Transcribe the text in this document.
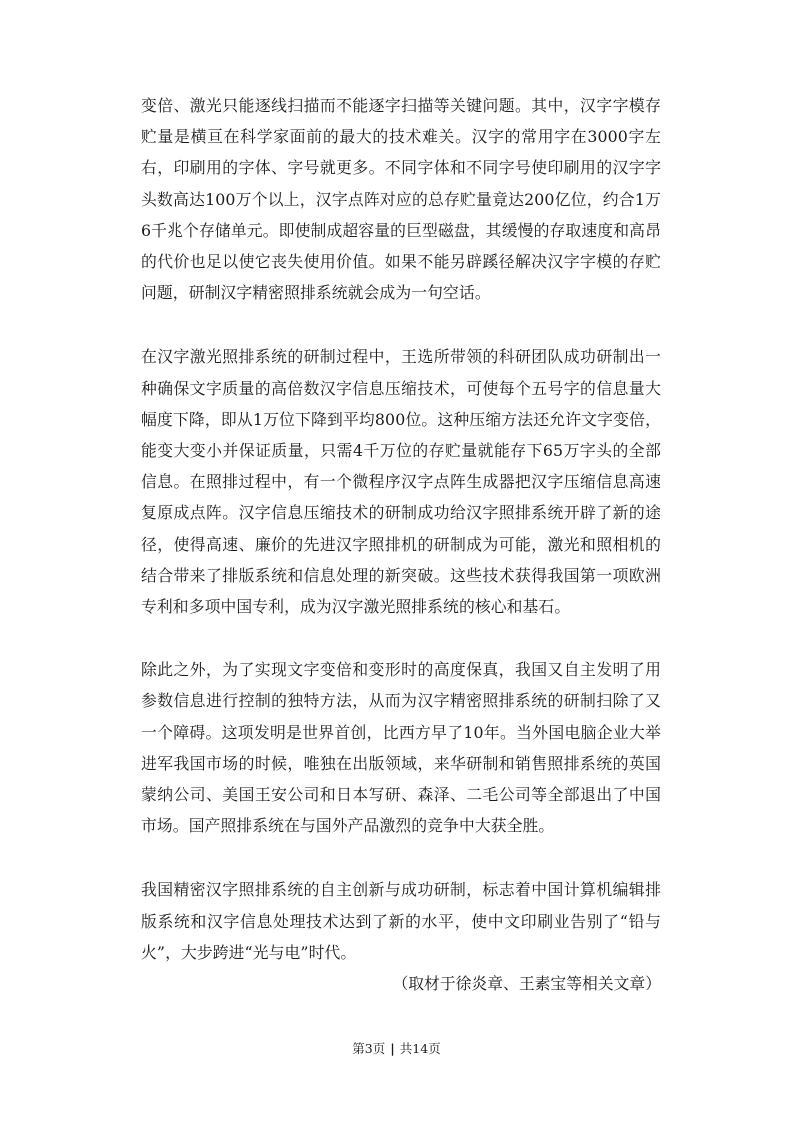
变倍、激光只能逐线扫描而不能逐字扫描等关键问题。其中，汉字字模存贮量是横亘在科学家面前的最大的技术难关。汉字的常用字在3000字左右，印刷用的字体、字号就更多。不同字体和不同字号使印刷用的汉字字头数高达100万个以上，汉字点阵对应的总存贮量竟达200亿位，约合1万6千兆个存储单元。即使制成超容量的巨型磁盘，其缓慢的存取速度和高昂的代价也足以使它丧失使用价值。如果不能另辟蹊径解决汉字字模的存贮问题，研制汉字精密照排系统就会成为一句空话。

在汉字激光照排系统的研制过程中，王选所带领的科研团队成功研制出一种确保文字质量的高倍数汉字信息压缩技术，可使每个五号字的信息量大幅度下降，即从1万位下降到平均800位。这种压缩方法还允许文字变倍，能变大变小并保证质量，只需4千万位的存贮量就能存下65万字头的全部信息。在照排过程中，有一个微程序汉字点阵生成器把汉字压缩信息高速复原成点阵。汉字信息压缩技术的研制成功给汉字照排系统开辟了新的途径，使得高速、廉价的先进汉字照排机的研制成为可能，激光和照相机的结合带来了排版系统和信息处理的新突破。这些技术获得我国第一项欧洲专利和多项中国专利，成为汉字激光照排系统的核心和基石。

除此之外，为了实现文字变倍和变形时的高度保真，我国又自主发明了用参数信息进行控制的独特方法，从而为汉字精密照排系统的研制扫除了又一个障碍。这项发明是世界首创，比西方早了10年。当外国电脑企业大举进军我国市场的时候，唯独在出版领域，来华研制和销售照排系统的英国蒙纳公司、美国王安公司和日本写研、森泽、二毛公司等全部退出了中国市场。国产照排系统在与国外产品激烈的竞争中大获全胜。

我国精密汉字照排系统的自主创新与成功研制，标志着中国计算机编辑排版系统和汉字信息处理技术达到了新的水平，使中文印刷业告别了“铅与火”，大步跨进“光与电”时代。

（取材于徐炎章、王素宝等相关文章）
第3页 | 共14页
